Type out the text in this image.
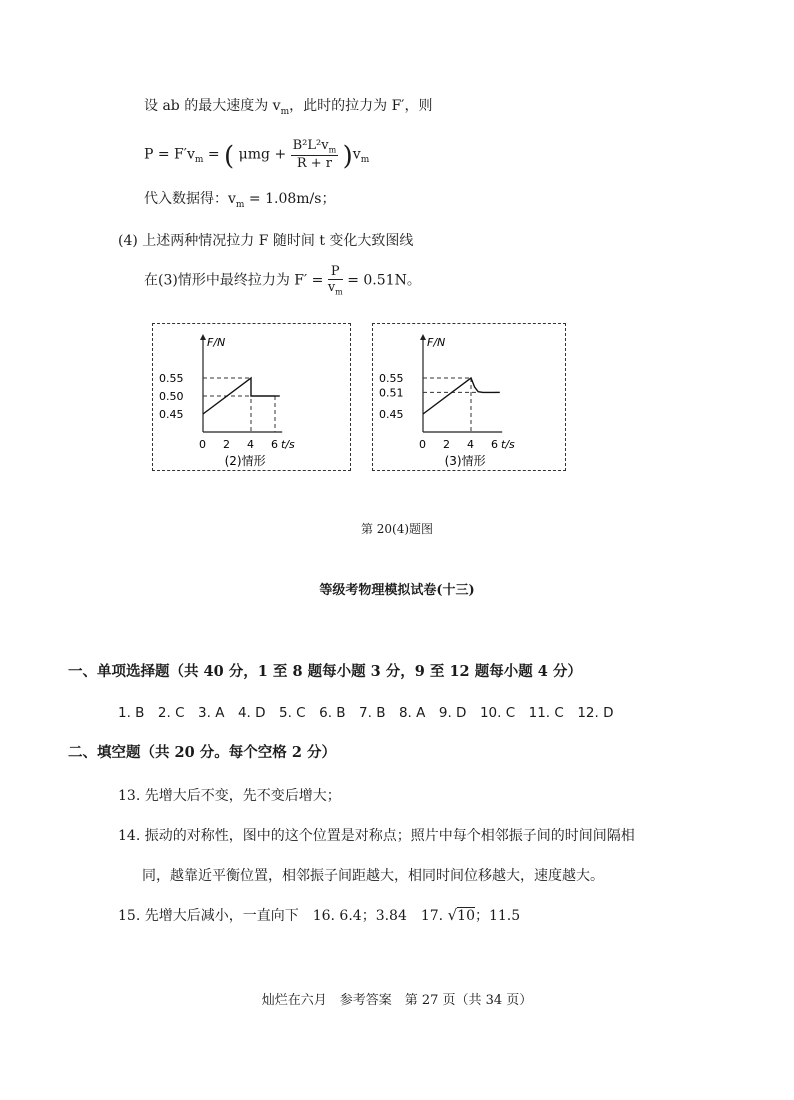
设 ab 的最大速度为 $v_m$，此时的拉力为 F′，则
$P = F'v_m$ = ( $\mu mg + \frac{B^2L^2v_m}{R + r} )v_m$
代入数据得：$v_m = 1.08m/s$；
(4) 上述两种情况拉力 F 随时间 t 变化大致图线
在(3)情形中最终拉力为 $F' = \frac{P}{v_m} = 0.51N$。
F/N
t/s
0 2 4 6
0.45
0.50
0.55
(2)情形
F/N
t/s
0 2 4 6
0.45
0.51
0.55
(3)情形
第 20(4)题图
等级考物理模拟试卷(十三)
一、单项选择题（共 40 分，1 至 8 题每小题 3 分，9 至 12 题每小题 4 分）
1. B　2. C　3. A　4. D　5. C　6. B　7. B　8. A　9. D　10. C　11. C　12. D
二、填空题（共 20 分。每个空格 2 分）
13. 先增大后不变，先不变后增大；
14. 振动的对称性，图中的这个位置是对称点；照片中每个相邻振子间的时间间隔相
同，越靠近平衡位置，相邻振子间距越大，相同时间位移越大，速度越大。
15. 先增大后减小，一直向下　16. 6.4；3.84　17. √10；11.5
灿烂在六月　参考答案　第 27 页（共 34 页）
